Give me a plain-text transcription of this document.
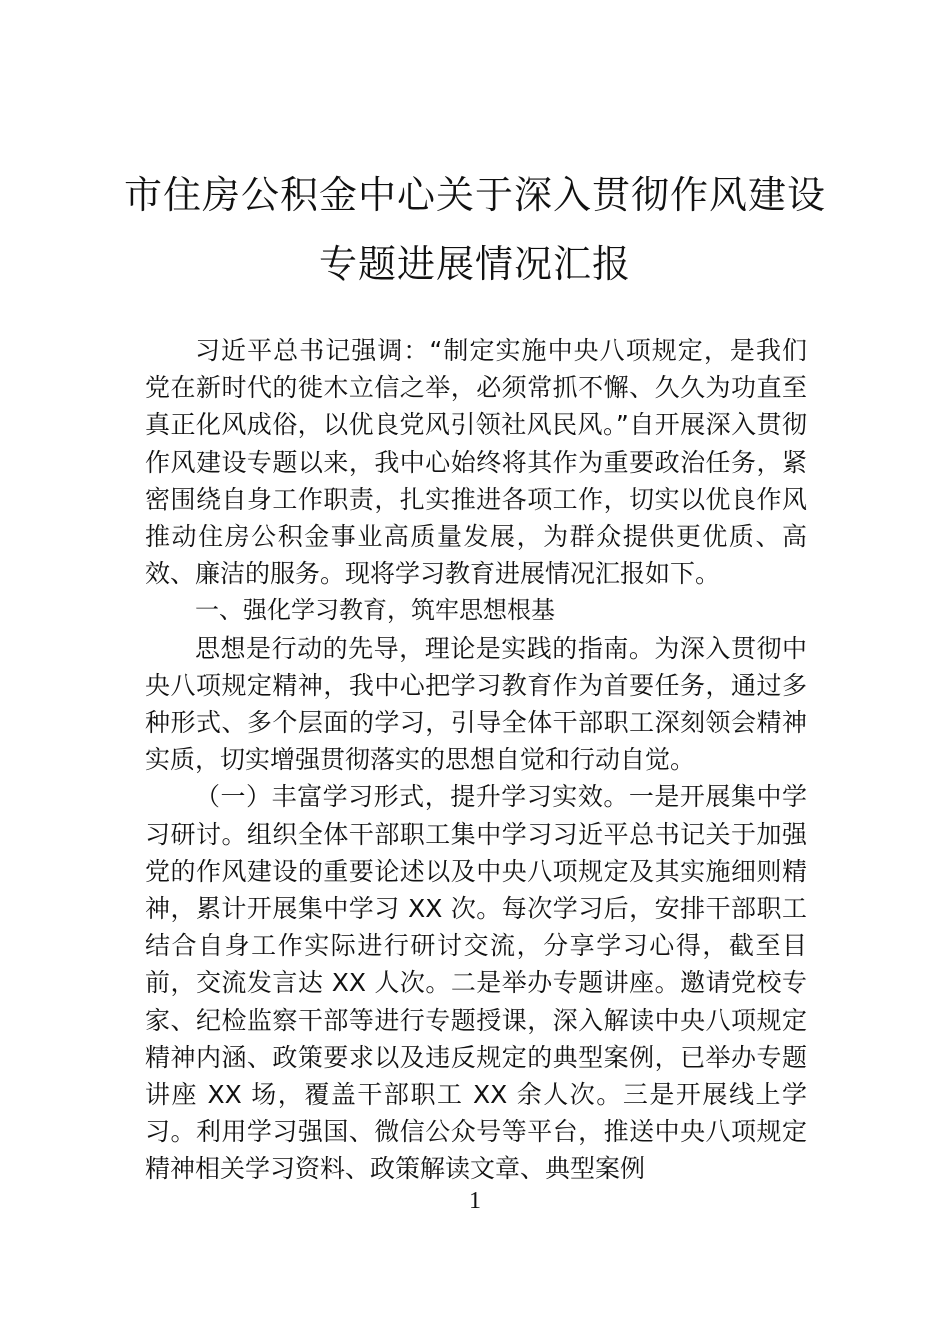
市住房公积金中心关于深入贯彻作风建设
专题进展情况汇报

习近平总书记强调：“制定实施中央八项规定，是我们党在新时代的徙木立信之举，必须常抓不懈、久久为功直至真正化风成俗，以优良党风引领社风民风。”自开展深入贯彻作风建设专题以来，我中心始终将其作为重要政治任务，紧密围绕自身工作职责，扎实推进各项工作，切实以优良作风推动住房公积金事业高质量发展，为群众提供更优质、高效、廉洁的服务。现将学习教育进展情况汇报如下。

一、强化学习教育，筑牢思想根基

思想是行动的先导，理论是实践的指南。为深入贯彻中央八项规定精神，我中心把学习教育作为首要任务，通过多种形式、多个层面的学习，引导全体干部职工深刻领会精神实质，切实增强贯彻落实的思想自觉和行动自觉。

（一）丰富学习形式，提升学习实效。一是开展集中学习研讨。组织全体干部职工集中学习习近平总书记关于加强党的作风建设的重要论述以及中央八项规定及其实施细则精神，累计开展集中学习 XX 次。每次学习后，安排干部职工结合自身工作实际进行研讨交流，分享学习心得，截至目前，交流发言达 XX 人次。二是举办专题讲座。邀请党校专家、纪检监察干部等进行专题授课，深入解读中央八项规定精神内涵、政策要求以及违反规定的典型案例，已举办专题讲座 XX 场，覆盖干部职工 XX 余人次。三是开展线上学习。利用学习强国、微信公众号等平台，推送中央八项规定精神相关学习资料、政策解读文章、典型案例

1
